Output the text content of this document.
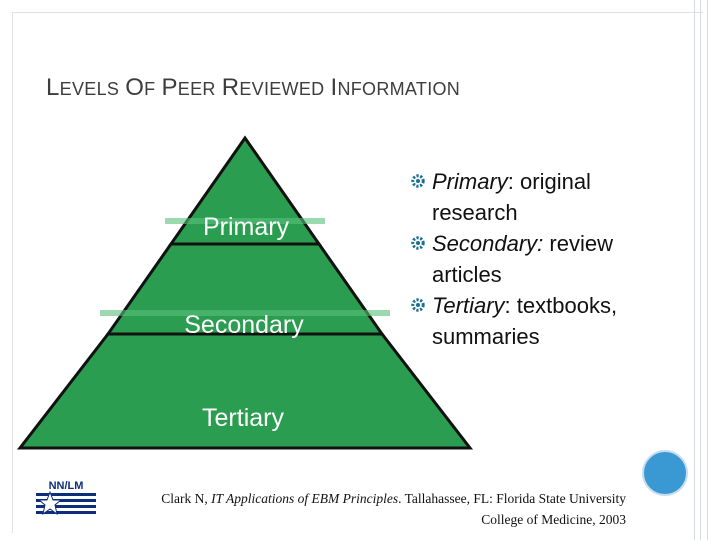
LEVELS OF PEER REVIEWED INFORMATION
Primary
Secondary
Tertiary
Primary: original research
Secondary: review articles
Tertiary: textbooks, summaries
NN/LM
Clark N, IT Applications of EBM Principles. Tallahassee, FL: Florida State University College of Medicine, 2003
